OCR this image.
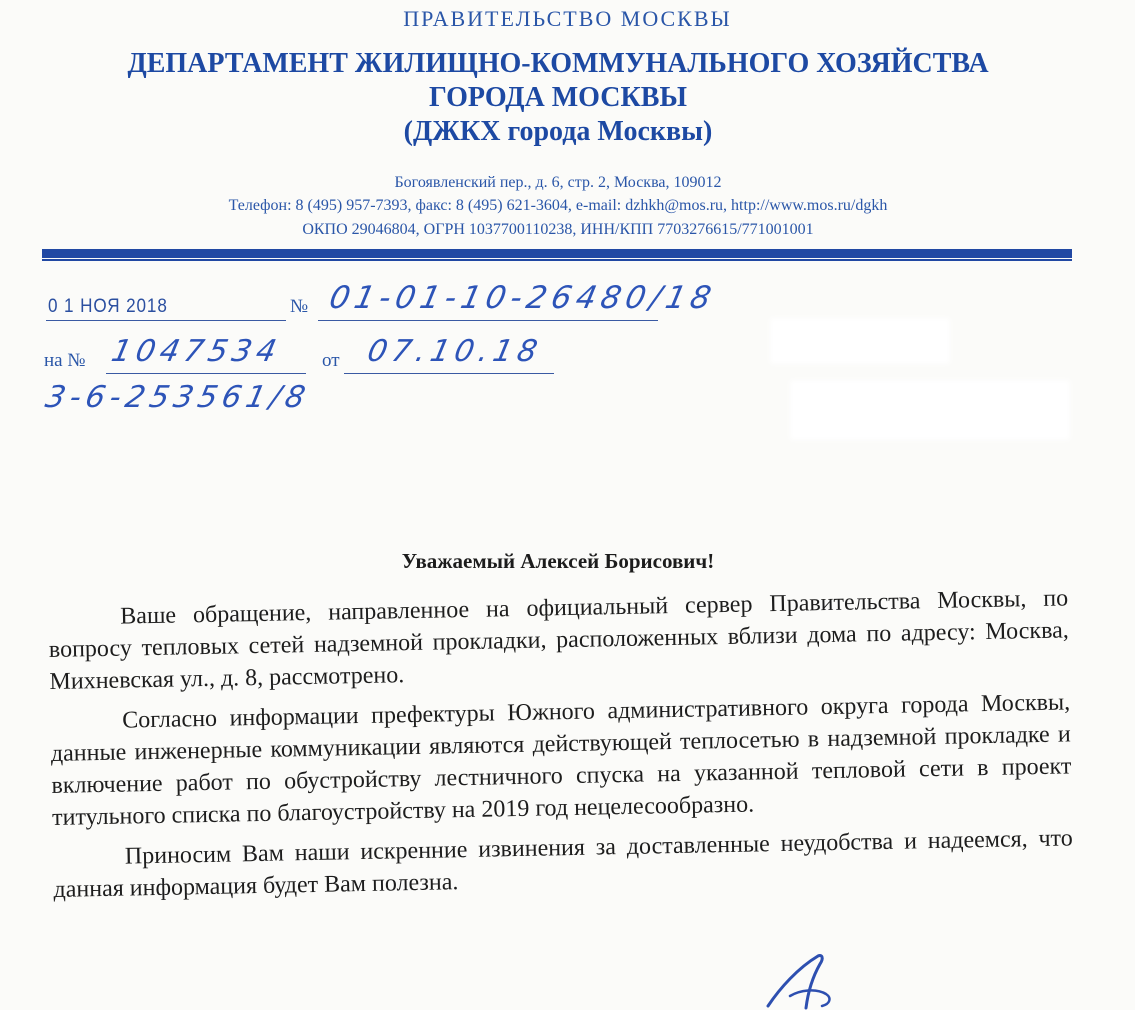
ПРАВИТЕЛЬСТВО МОСКВЫ
ДЕПАРТАМЕНТ ЖИЛИЩНО-КОММУНАЛЬНОГО ХОЗЯЙСТВА
ГОРОДА МОСКВЫ
(ДЖКХ города Москвы)
Богоявленский пер., д. 6, стр. 2, Москва, 109012
Телефон: 8 (495) 957-7393, факс: 8 (495) 621-3604, e-mail: dzhkh@mos.ru, http://www.mos.ru/dgkh
ОКПО 29046804, ОГРН 1037700110238, ИНН/КПП 7703276615/771001001
0 1 НОЯ 2018	№ 01-01-10-26480/18
на № 1047534 от 07.10.18
3-6-253561/8
Уважаемый Алексей Борисович!

Ваше обращение, направленное на официальный сервер Правительства Москвы, по вопросу тепловых сетей надземной прокладки, расположенных вблизи дома по адресу: Москва, Михневская ул., д. 8, рассмотрено.

Согласно информации префектуры Южного административного округа города Москвы, данные инженерные коммуникации являются действующей теплосетью в надземной прокладке и включение работ по обустройству лестничного спуска на указанной тепловой сети в проект титульного списка по благоустройству на 2019 год нецелесообразно.

Приносим Вам наши искренние извинения за доставленные неудобства и надеемся, что данная информация будет Вам полезна.
